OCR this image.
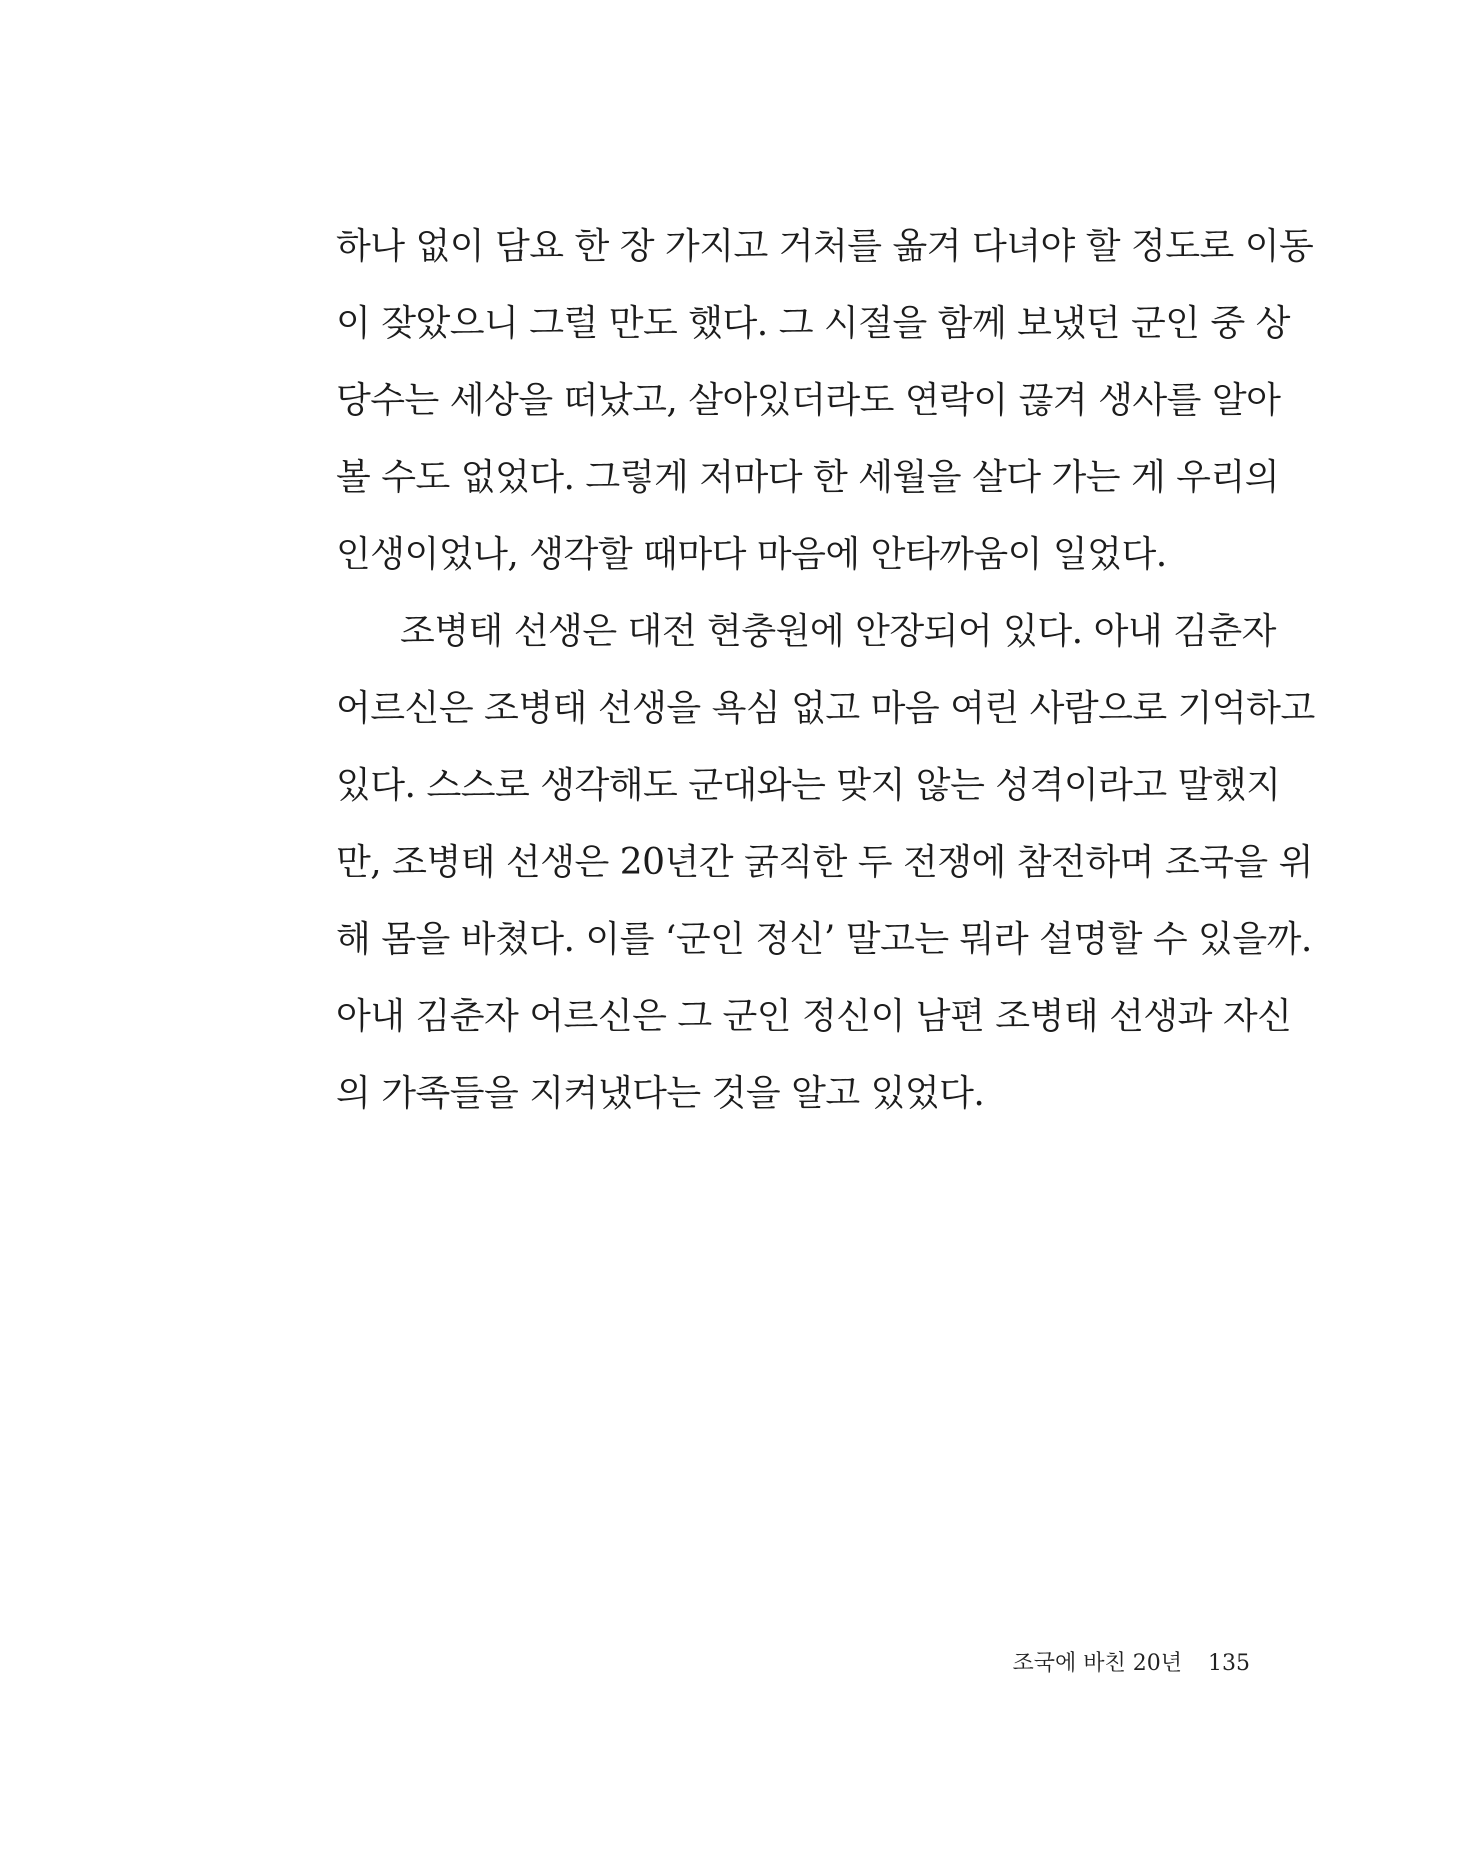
하나 없이 담요 한 장 가지고 거처를 옮겨 다녀야 할 정도로 이동
이 잦았으니 그럴 만도 했다. 그 시절을 함께 보냈던 군인 중 상
당수는 세상을 떠났고, 살아있더라도 연락이 끊겨 생사를 알아
볼 수도 없었다. 그렇게 저마다 한 세월을 살다 가는 게 우리의
인생이었나, 생각할 때마다 마음에 안타까움이 일었다.
조병태 선생은 대전 현충원에 안장되어 있다. 아내 김춘자
어르신은 조병태 선생을 욕심 없고 마음 여린 사람으로 기억하고
있다. 스스로 생각해도 군대와는 맞지 않는 성격이라고 말했지
만, 조병태 선생은 20년간 굵직한 두 전쟁에 참전하며 조국을 위
해 몸을 바쳤다. 이를 ‘군인 정신’ 말고는 뭐라 설명할 수 있을까.
아내 김춘자 어르신은 그 군인 정신이 남편 조병태 선생과 자신
의 가족들을 지켜냈다는 것을 알고 있었다.
조국에 바친 20년 135
